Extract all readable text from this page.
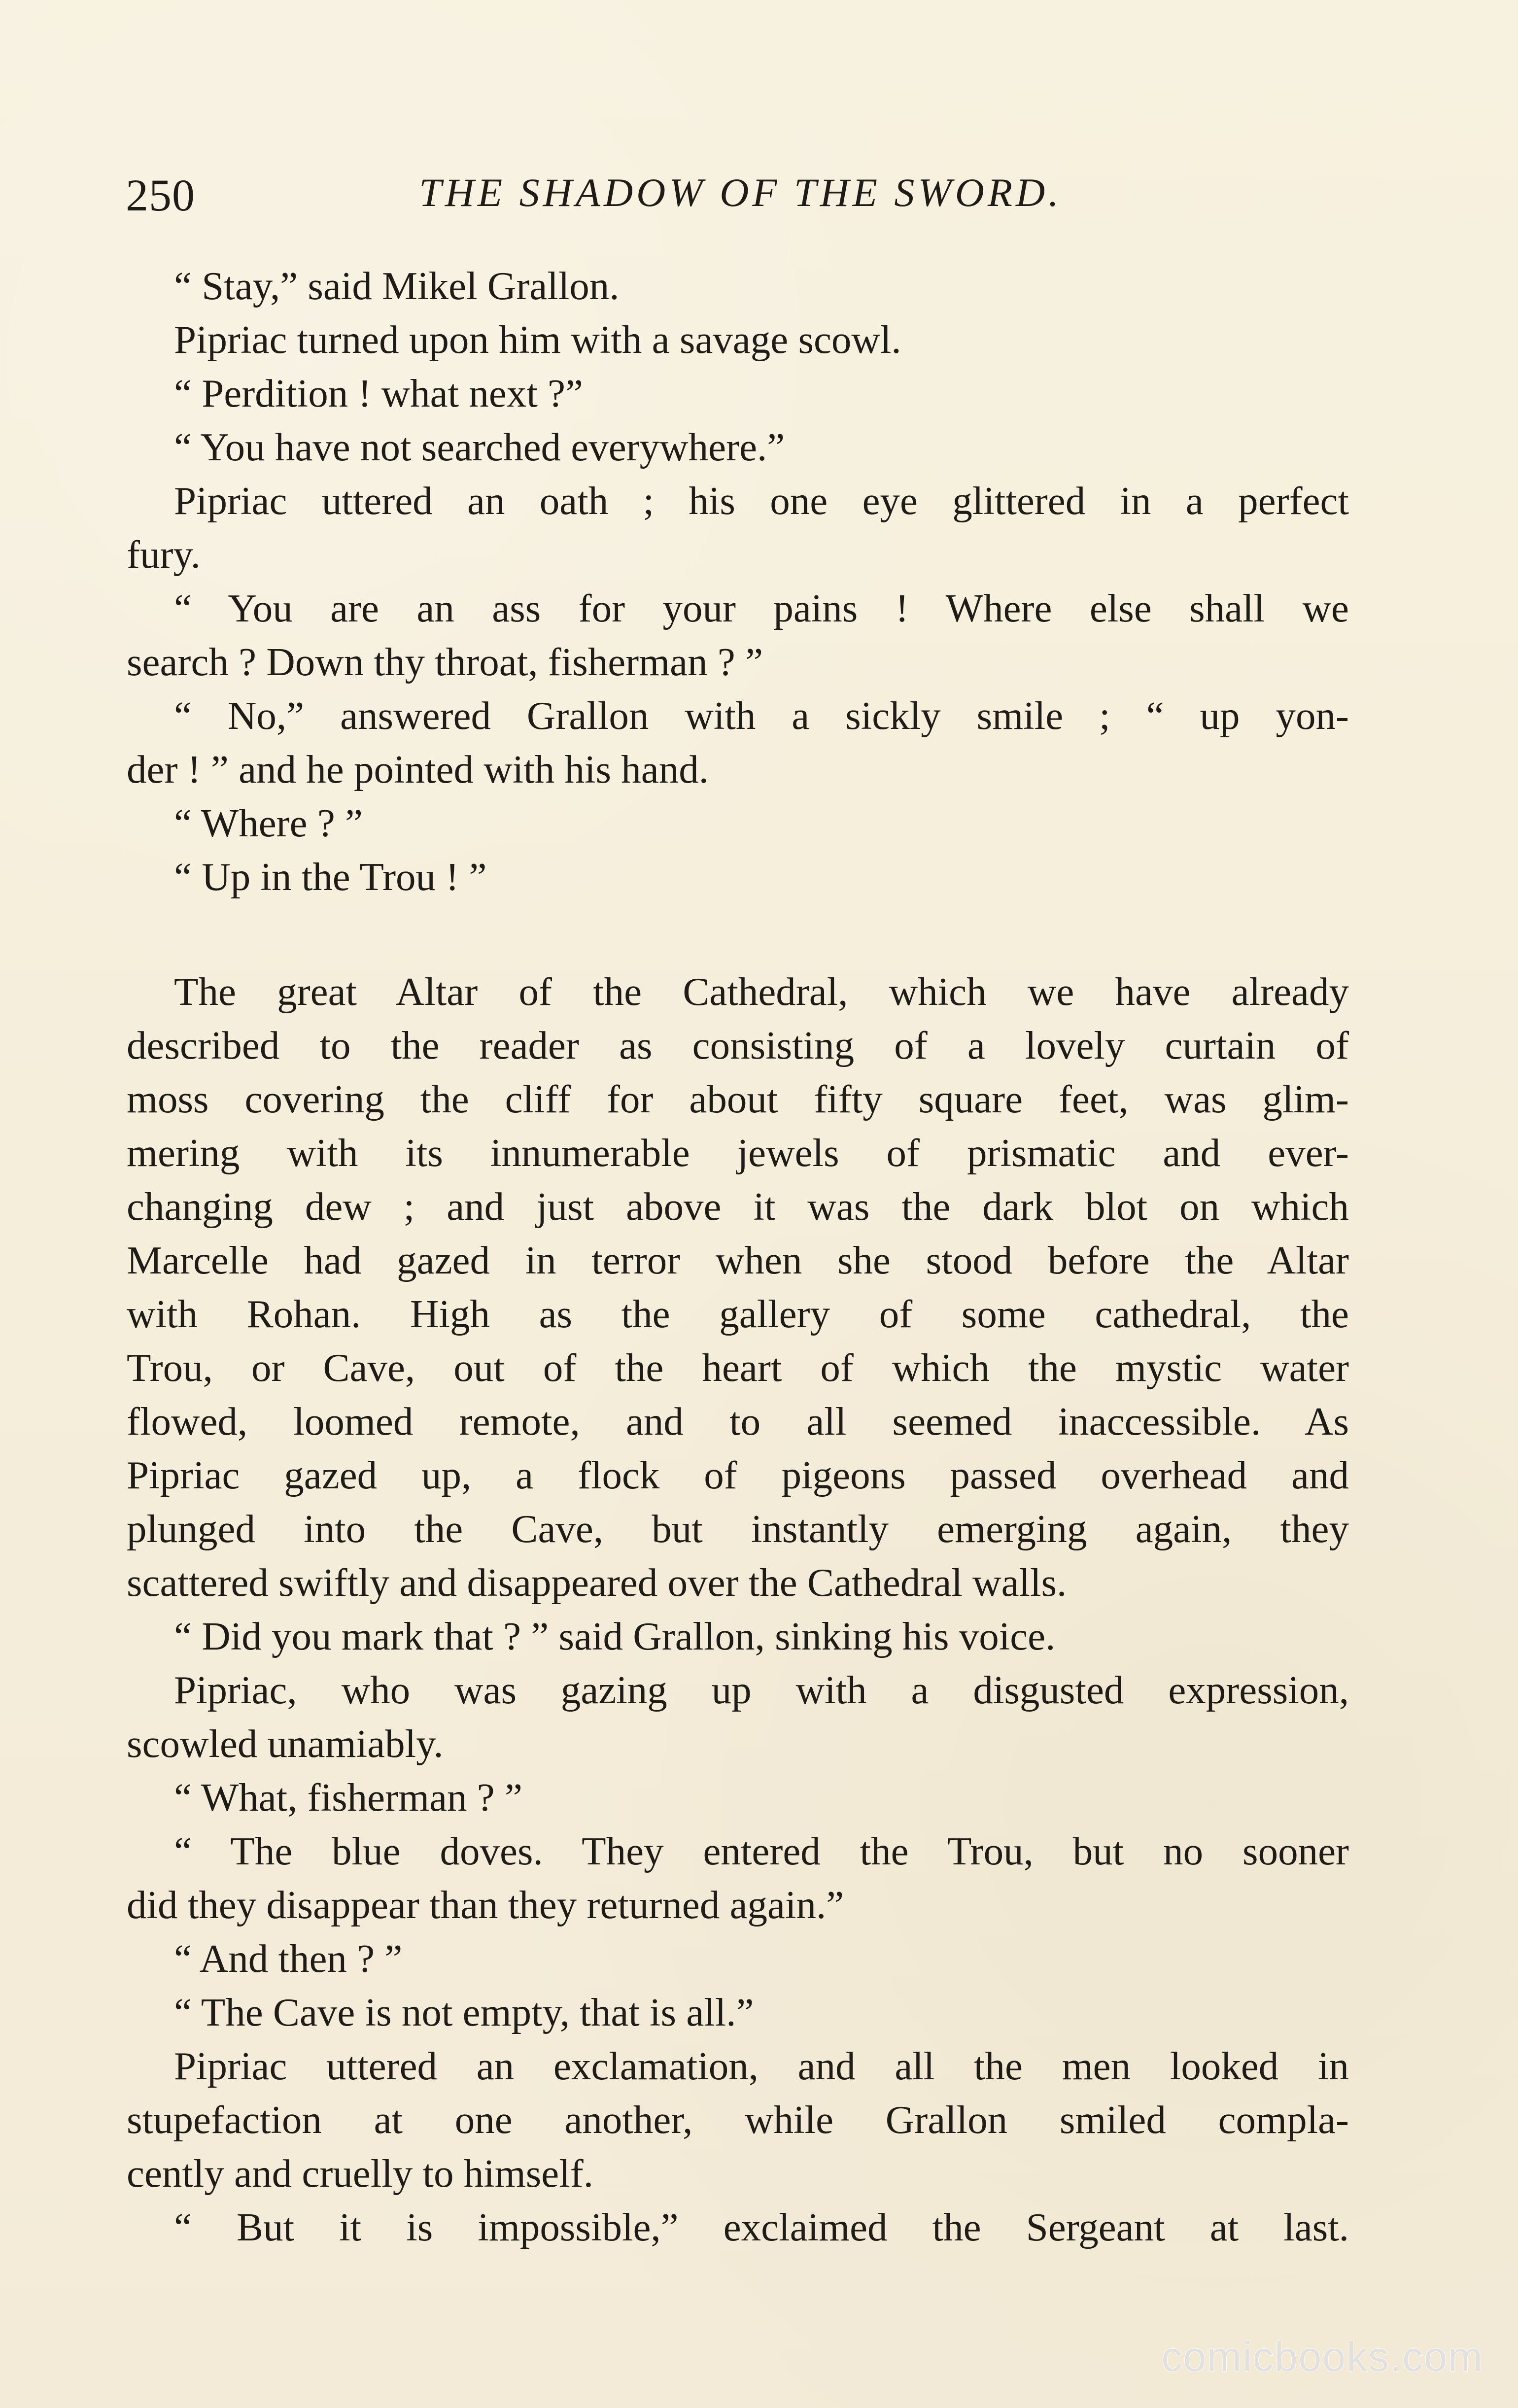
250	THE SHADOW OF THE SWORD.
“ Stay,” said Mikel Grallon.
Pipriac turned upon him with a savage scowl.
“ Perdition ! what next ?”
“ You have not searched everywhere.”
Pipriac uttered an oath ; his one eye glittered in a perfect
fury.
“ You are an ass for your pains ! Where else shall we
search ? Down thy throat, fisherman ? ”
“ No,” answered Grallon with a sickly smile ; “ up yon-
der ! ” and he pointed with his hand.
“ Where ? ”
“ Up in the Trou ! ”
The great Altar of the Cathedral, which we have already
described to the reader as consisting of a lovely curtain of
moss covering the cliff for about fifty square feet, was glim-
mering with its innumerable jewels of prismatic and ever-
changing dew ; and just above it was the dark blot on which
Marcelle had gazed in terror when she stood before the Altar
with Rohan. High as the gallery of some cathedral, the
Trou, or Cave, out of the heart of which the mystic water
flowed, loomed remote, and to all seemed inaccessible. As
Pipriac gazed up, a flock of pigeons passed overhead and
plunged into the Cave, but instantly emerging again, they
scattered swiftly and disappeared over the Cathedral walls.
“ Did you mark that ? ” said Grallon, sinking his voice.
Pipriac, who was gazing up with a disgusted expression,
scowled unamiably.
“ What, fisherman ? ”
“ The blue doves. They entered the Trou, but no sooner
did they disappear than they returned again.”
“ And then ? ”
“ The Cave is not empty, that is all.”
Pipriac uttered an exclamation, and all the men looked in
stupefaction at one another, while Grallon smiled compla-
cently and cruelly to himself.
“ But it is impossible,” exclaimed the Sergeant at last.
comicbooks.com
